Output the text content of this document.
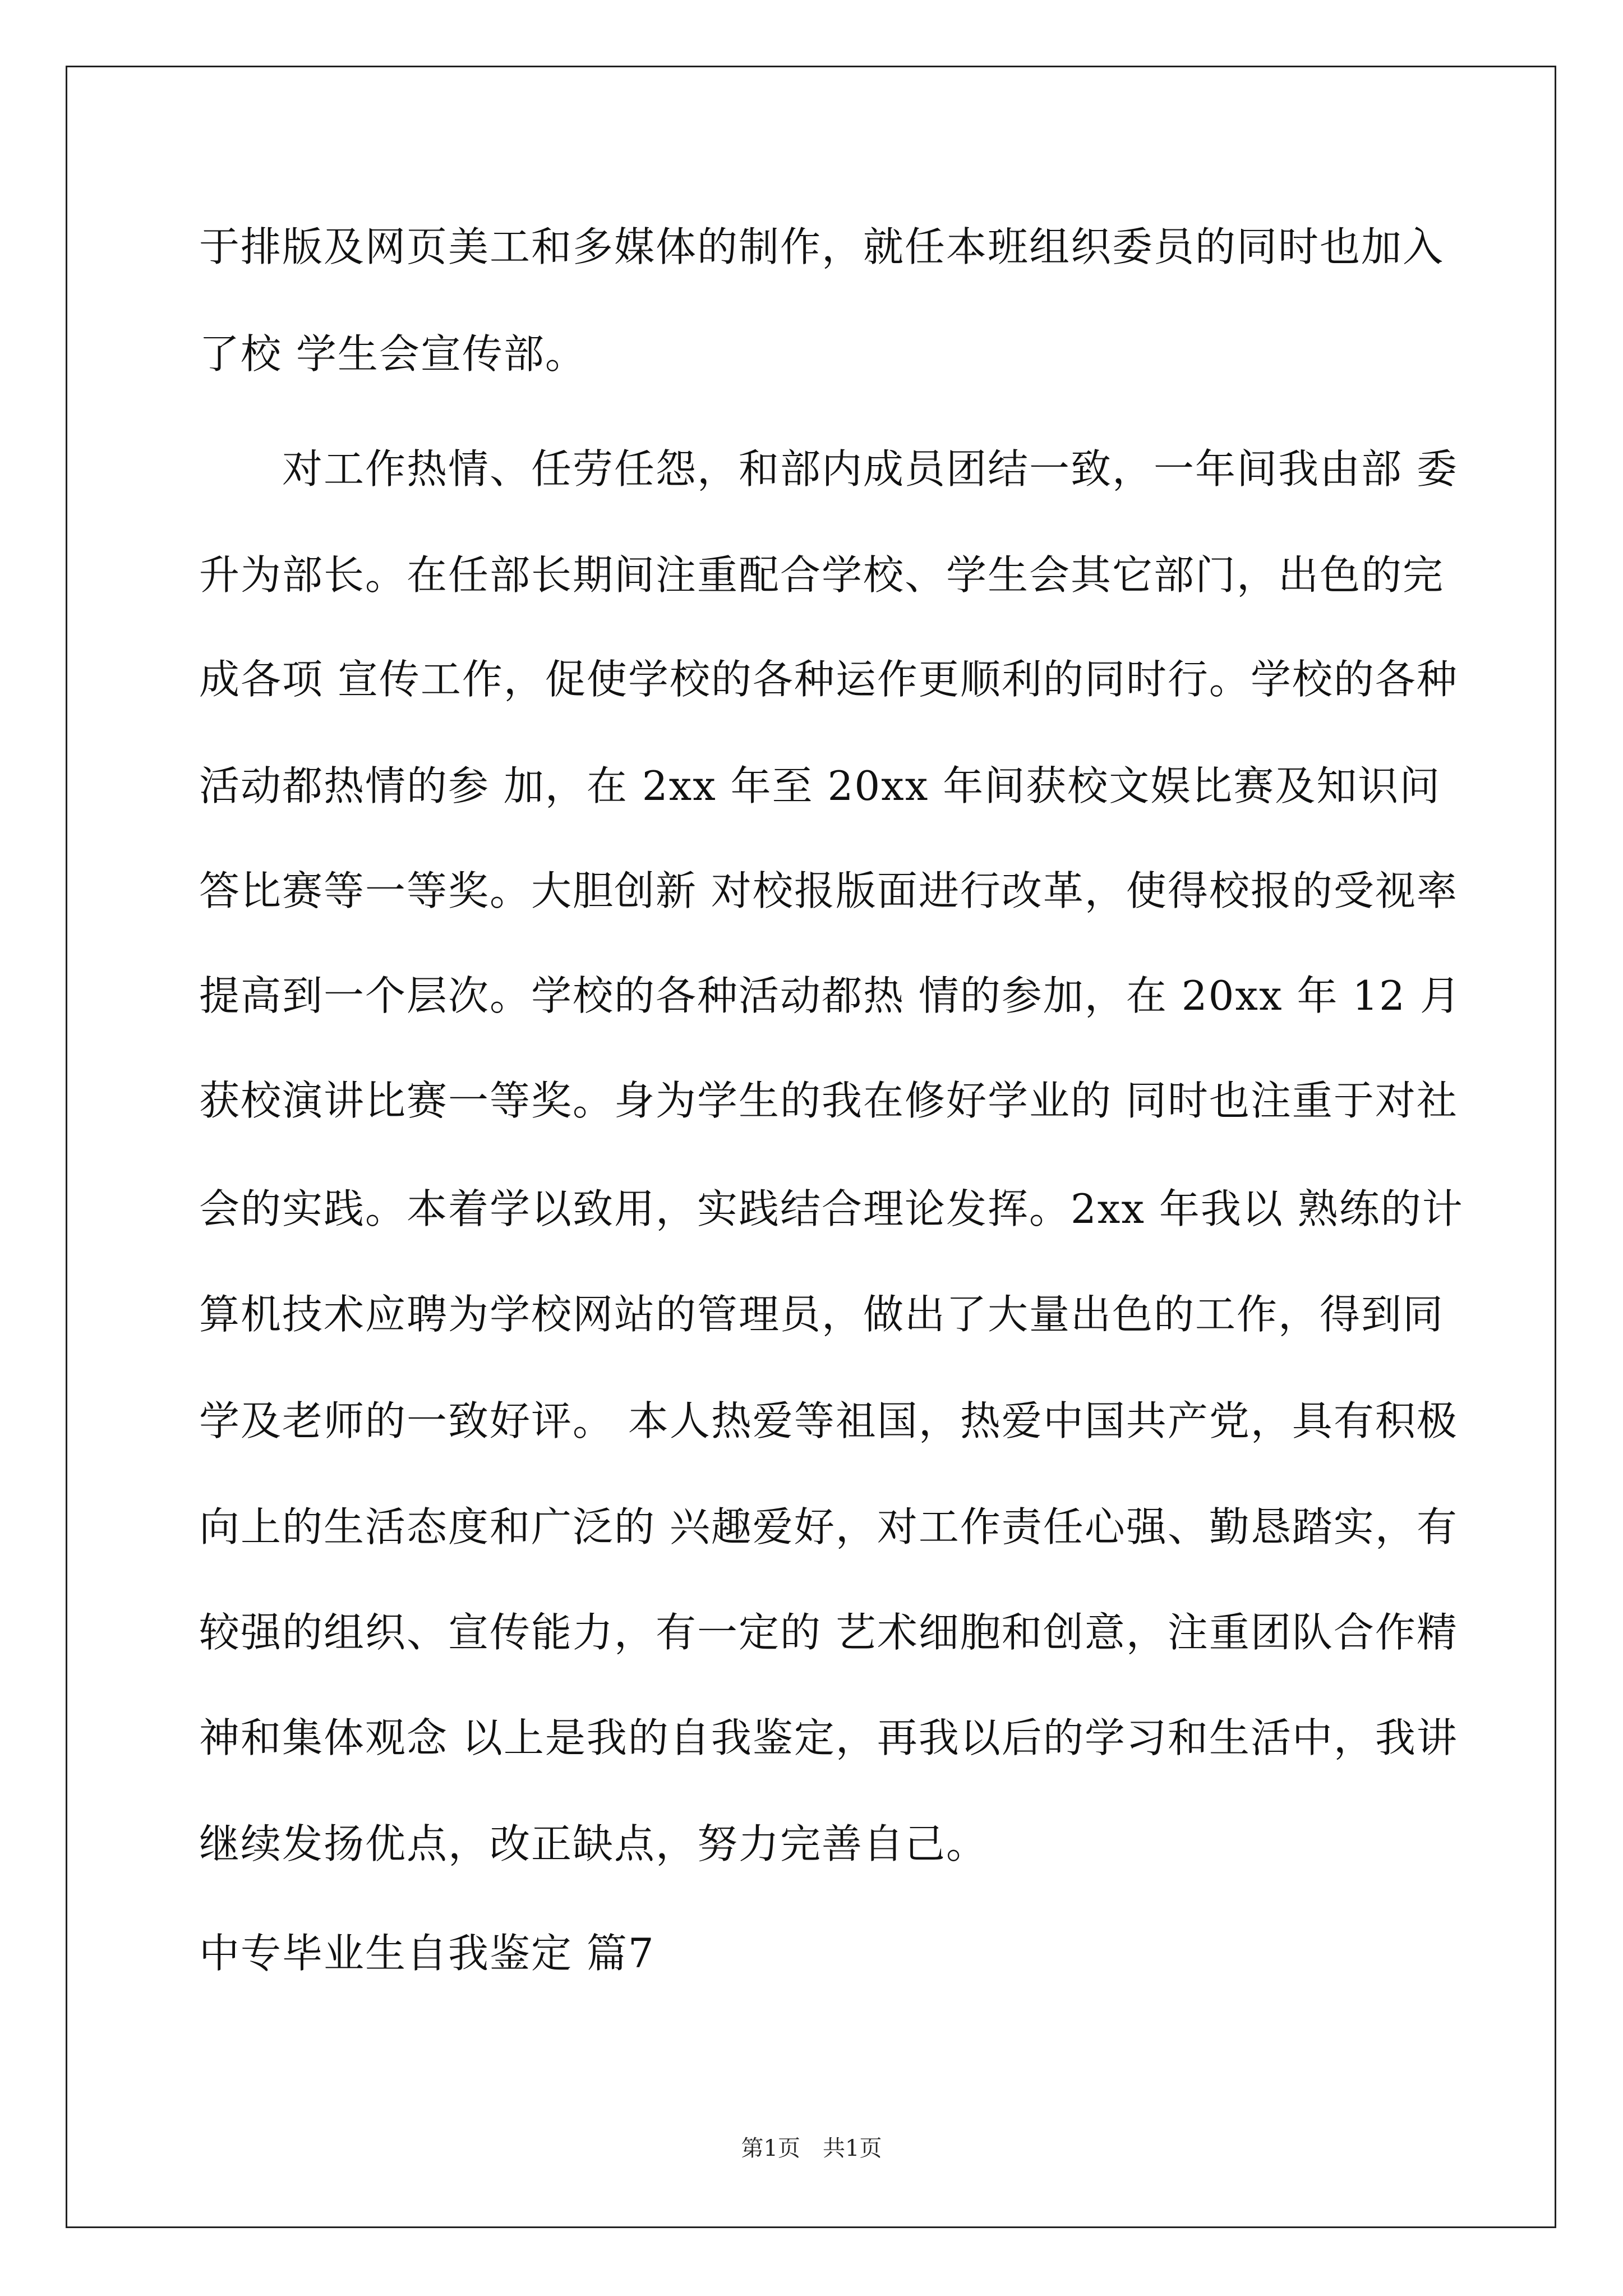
于排版及网页美工和多媒体的制作，就任本班组织委员的同时也加入
了校 学生会宣传部。
　　对工作热情、任劳任怨，和部内成员团结一致，一年间我由部 委
升为部长。在任部长期间注重配合学校、学生会其它部门，出色的完
成各项 宣传工作，促使学校的各种运作更顺利的同时行。学校的各种
活动都热情的参 加，在 2xx 年至 20xx 年间获校文娱比赛及知识问
答比赛等一等奖。大胆创新 对校报版面进行改革，使得校报的受视率
提高到一个层次。学校的各种活动都热 情的参加，在 20xx 年 12 月
获校演讲比赛一等奖。身为学生的我在修好学业的 同时也注重于对社
会的实践。本着学以致用，实践结合理论发挥。2xx 年我以 熟练的计
算机技术应聘为学校网站的管理员，做出了大量出色的工作，得到同
学及老师的一致好评。 本人热爱等祖国，热爱中国共产党，具有积极
向上的生活态度和广泛的 兴趣爱好，对工作责任心强、勤恳踏实，有
较强的组织、宣传能力，有一定的 艺术细胞和创意，注重团队合作精
神和集体观念 以上是我的自我鉴定，再我以后的学习和生活中，我讲
继续发扬优点，改正缺点，努力完善自己。
中专毕业生自我鉴定 篇7
第1页　共1页
